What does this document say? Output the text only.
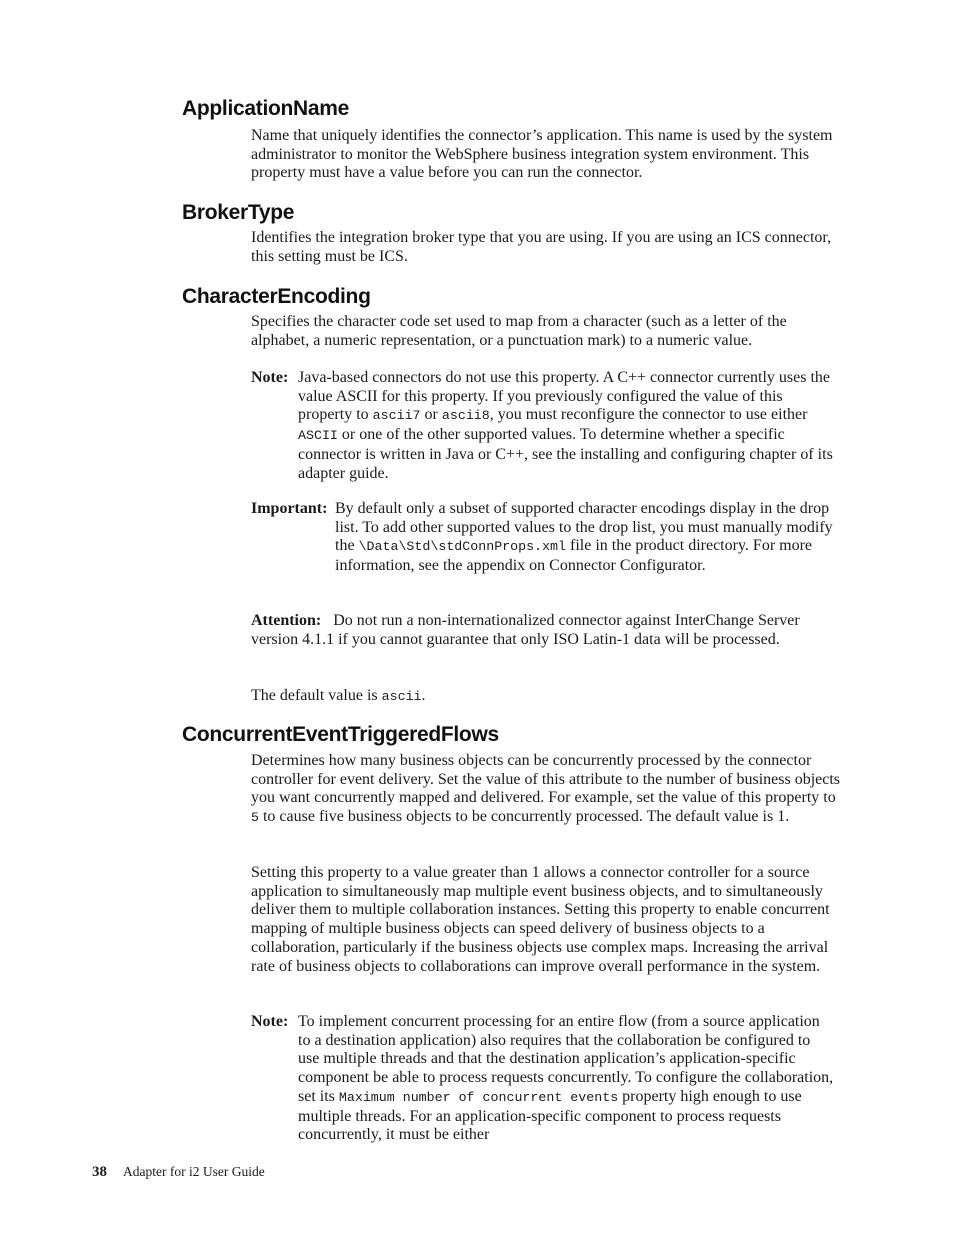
ApplicationName

Name that uniquely identifies the connector’s application. This name is used by the system administrator to monitor the WebSphere business integration system environment. This property must have a value before you can run the connector.

BrokerType

Identifies the integration broker type that you are using. If you are using an ICS connector, this setting must be ICS.

CharacterEncoding

Specifies the character code set used to map from a character (such as a letter of the alphabet, a numeric representation, or a punctuation mark) to a numeric value.

Note: Java-based connectors do not use this property. A C++ connector currently uses the value ASCII for this property. If you previously configured the value of this property to ascii7 or ascii8, you must reconfigure the connector to use either ASCII or one of the other supported values. To determine whether a specific connector is written in Java or C++, see the installing and configuring chapter of its adapter guide.
Important: By default only a subset of supported character encodings display in the drop list. To add other supported values to the drop list, you must manually modify the \Data\Std\stdConnProps.xml file in the product directory. For more information, see the appendix on Connector Configurator.

Attention: Do not run a non-internationalized connector against InterChange Server version 4.1.1 if you cannot guarantee that only ISO Latin-1 data will be processed.

The default value is ascii.

ConcurrentEventTriggeredFlows

Determines how many business objects can be concurrently processed by the connector controller for event delivery. Set the value of this attribute to the number of business objects you want concurrently mapped and delivered. For example, set the value of this property to 5 to cause five business objects to be concurrently processed. The default value is 1.

Setting this property to a value greater than 1 allows a connector controller for a source application to simultaneously map multiple event business objects, and to simultaneously deliver them to multiple collaboration instances. Setting this property to enable concurrent mapping of multiple business objects can speed delivery of business objects to a collaboration, particularly if the business objects use complex maps. Increasing the arrival rate of business objects to collaborations can improve overall performance in the system.

Note: To implement concurrent processing for an entire flow (from a source application to a destination application) also requires that the collaboration be configured to use multiple threads and that the destination application’s application-specific component be able to process requests concurrently. To configure the collaboration, set its Maximum number of concurrent events property high enough to use multiple threads. For an application-specific component to process requests concurrently, it must be either
38 Adapter for i2 User Guide
